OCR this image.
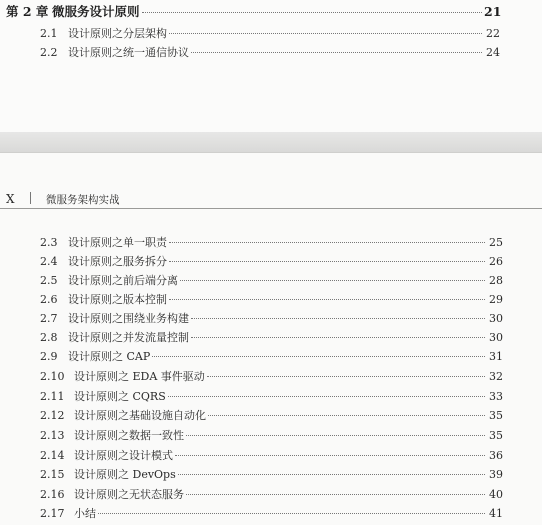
第 2 章 微服务设计原则	21
2.1 设计原则之分层架构	22
2.2 设计原则之统一通信协议	24
X	微服务架构实战
2.3 设计原则之单一职责	25
2.4 设计原则之服务拆分	26
2.5 设计原则之前后端分离	28
2.6 设计原则之版本控制	29
2.7 设计原则之围绕业务构建	30
2.8 设计原则之并发流量控制	30
2.9 设计原则之 CAP	31
2.10 设计原则之 EDA 事件驱动	32
2.11 设计原则之 CQRS	33
2.12 设计原则之基础设施自动化	35
2.13 设计原则之数据一致性	35
2.14 设计原则之设计模式	36
2.15 设计原则之 DevOps	39
2.16 设计原则之无状态服务	40
2.17 小结	41
